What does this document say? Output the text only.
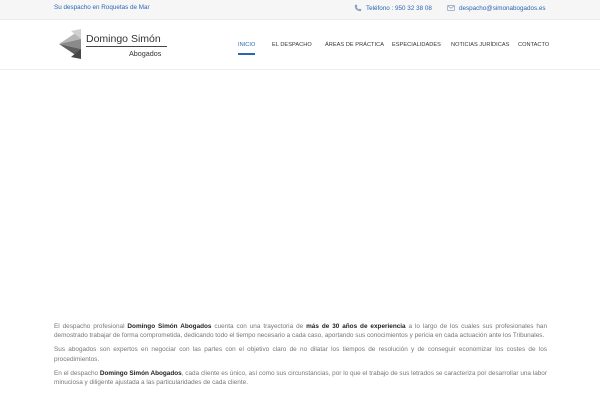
Su despacho en Roquetas de Mar	Teléfono : 950 32 38 08	despacho@simonabogados.es
Domingo Simón
Abogados
INICIO	EL DESPACHO ÁREAS DE PRÁCTICA ESPECIALIDADES NOTICIAS JURÍDICAS CONTACTO

El despacho profesional Domingo Simón Abogados cuenta con una trayectoria de más de 30 años de experiencia a lo largo de los cuales sus profesionales han demostrado trabajar de forma comprometida, dedicando todo el tiempo necesario a cada caso, aportando sus conocimientos y pericia en cada actuación ante los Tribunales.

Sus abogados son expertos en negociar con las partes con el objetivo claro de no dilatar los tiempos de resolución y de conseguir economizar los costes de los procedimientos.

En el despacho Domingo Simón Abogados, cada cliente es único, así como sus circunstancias, por lo que el trabajo de sus letrados se caracteriza por desarrollar una labor minuciosa y diligente ajustada a las particularidades de cada cliente.
